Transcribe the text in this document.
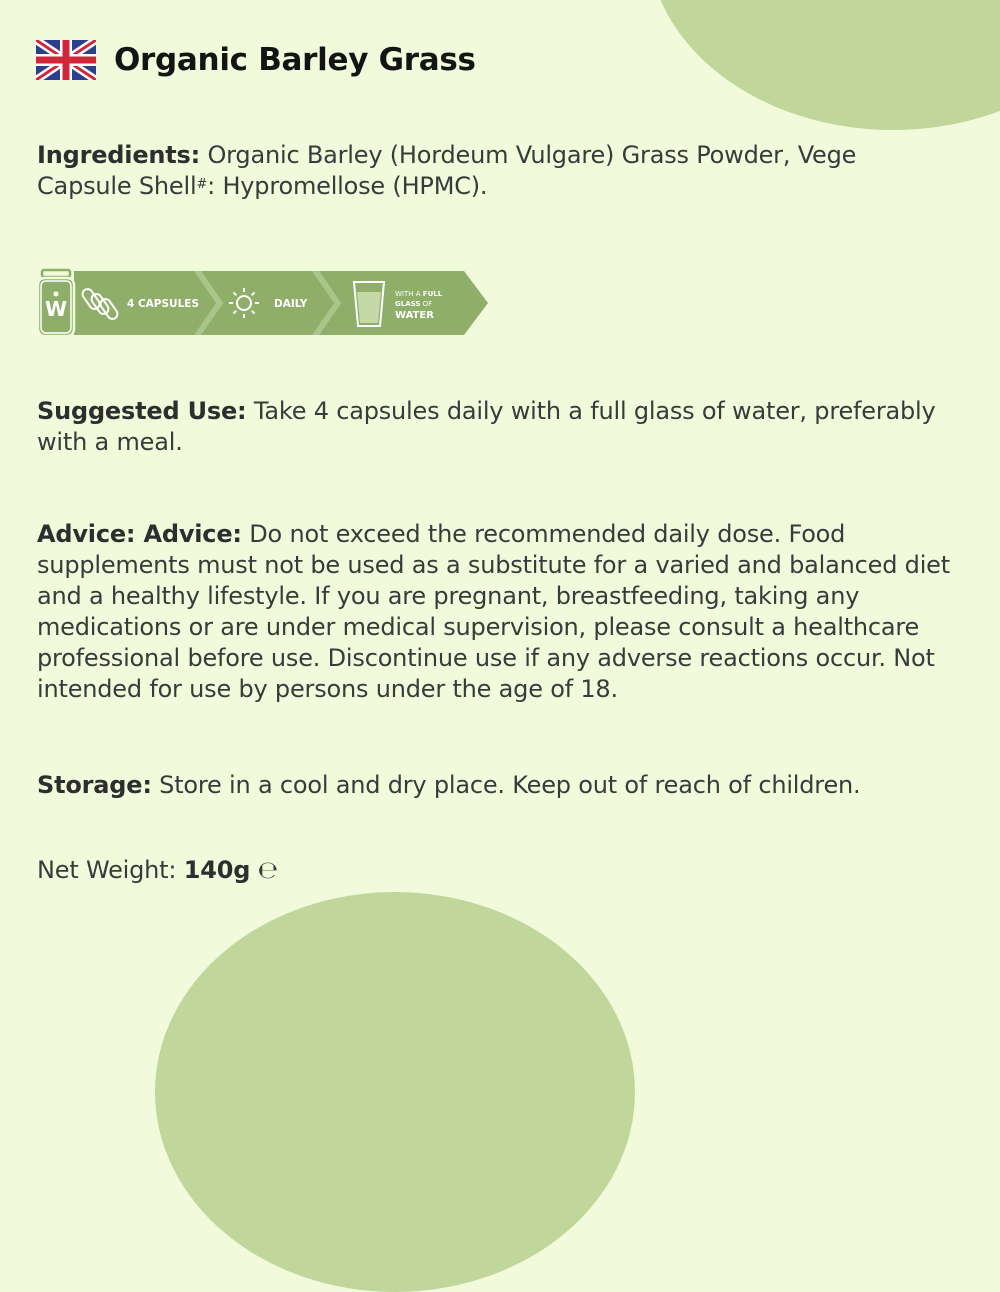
Organic Barley Grass
Ingredients: Organic Barley (Hordeum Vulgare) Grass Powder, Vege Capsule Shell#: Hypromellose (HPMC).
W	4 CAPSULES	DAILY
WITH A FULL
GLASS OF
WATER
Suggested Use: Take 4 capsules daily with a full glass of water, preferably with a meal.
Advice: Advice: Do not exceed the recommended daily dose. Food supplements must not be used as a substitute for a varied and balanced diet and a healthy lifestyle. If you are pregnant, breastfeeding, taking any medications or are under medical supervision, please consult a healthcare professional before use. Discontinue use if any adverse reactions occur. Not intended for use by persons under the age of 18.
Storage: Store in a cool and dry place. Keep out of reach of children.
Net Weight: 140g ℮
